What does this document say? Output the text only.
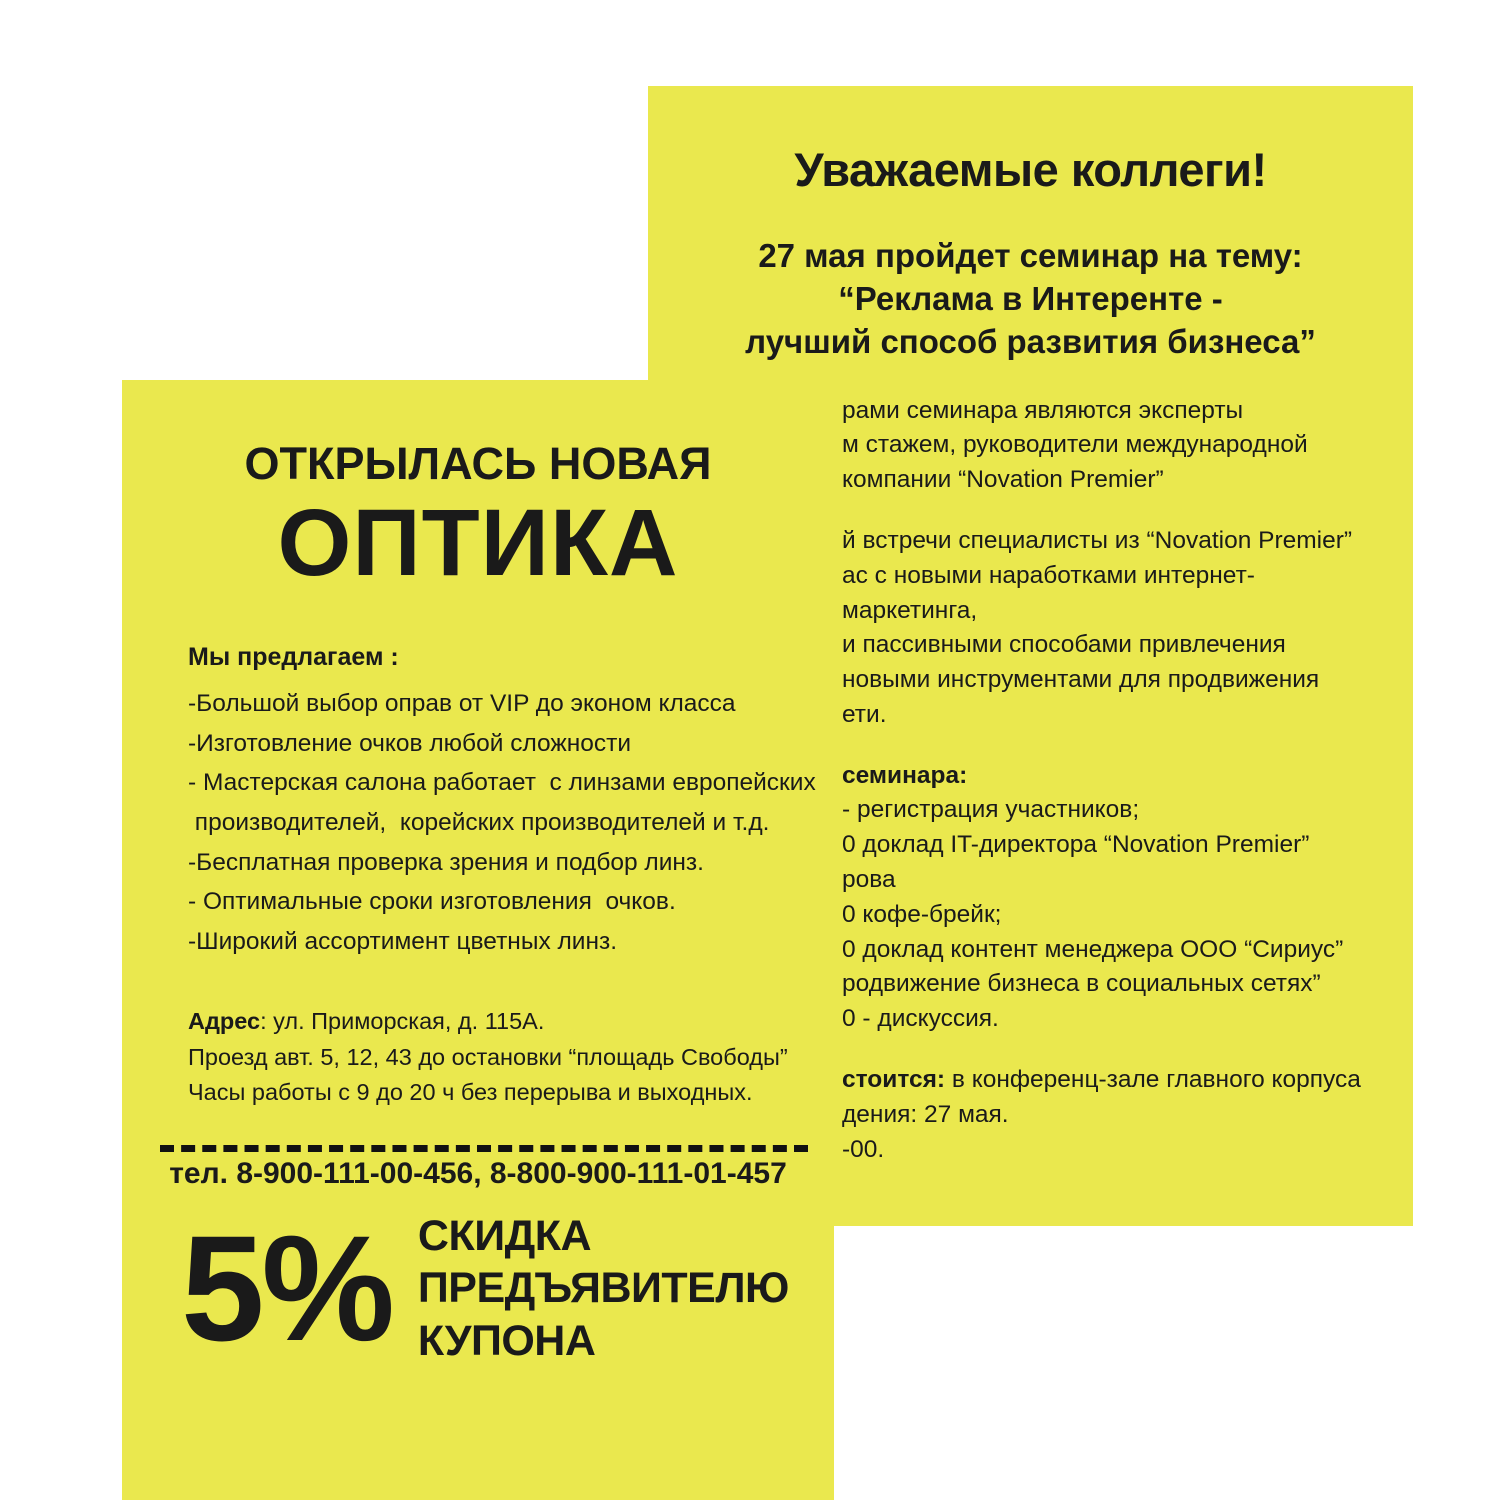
Уважаемые коллеги!
27 мая пройдет семинар на тему:
“Реклама в Интеренте -
лучший способ развития бизнеса”

рами семинара являются эксперты

м стажем, руководители международной

компании “Novation Premier”

й встречи специалисты из “Novation Premier”

ас с новыми наработками интернет-маркетинга,

и пассивными способами привлечения

новыми инструментами для продвижения

ети.

семинара:

- регистрация участников;

0 доклад IT-директора “Novation Premier”

рова

0 кофе-брейк;

0 доклад контент менеджера ООО “Сириус”

родвижение бизнеса в социальных сетях”

0 - дискуссия.

стоится: в конференц-зале главного корпуса

дения: 27 мая.

-00.

ОТКРЫЛАСЬ НОВАЯ
ОПТИКА
Мы предлагаем :
-Большой выбор оправ от VIP до эконом класса
-Изготовление очков любой сложности
- Мастерская салона работает  с линзами европейских
производителей,  корейских производителей и т.д.
-Бесплатная проверка зрения и подбор линз.
- Оптимальные сроки изготовления  очков.
-Широкий ассортимент цветных линз.
Адрес: ул. Приморская, д. 115А.
Проезд авт. 5, 12, 43 до остановки “площадь Свободы”
Часы работы с 9 до 20 ч без перерыва и выходных.
тел. 8-900-111-00-456, 8-800-900-111-01-457
5% СКИДКА
ПРЕДЪЯВИТЕЛЮ
КУПОНА
